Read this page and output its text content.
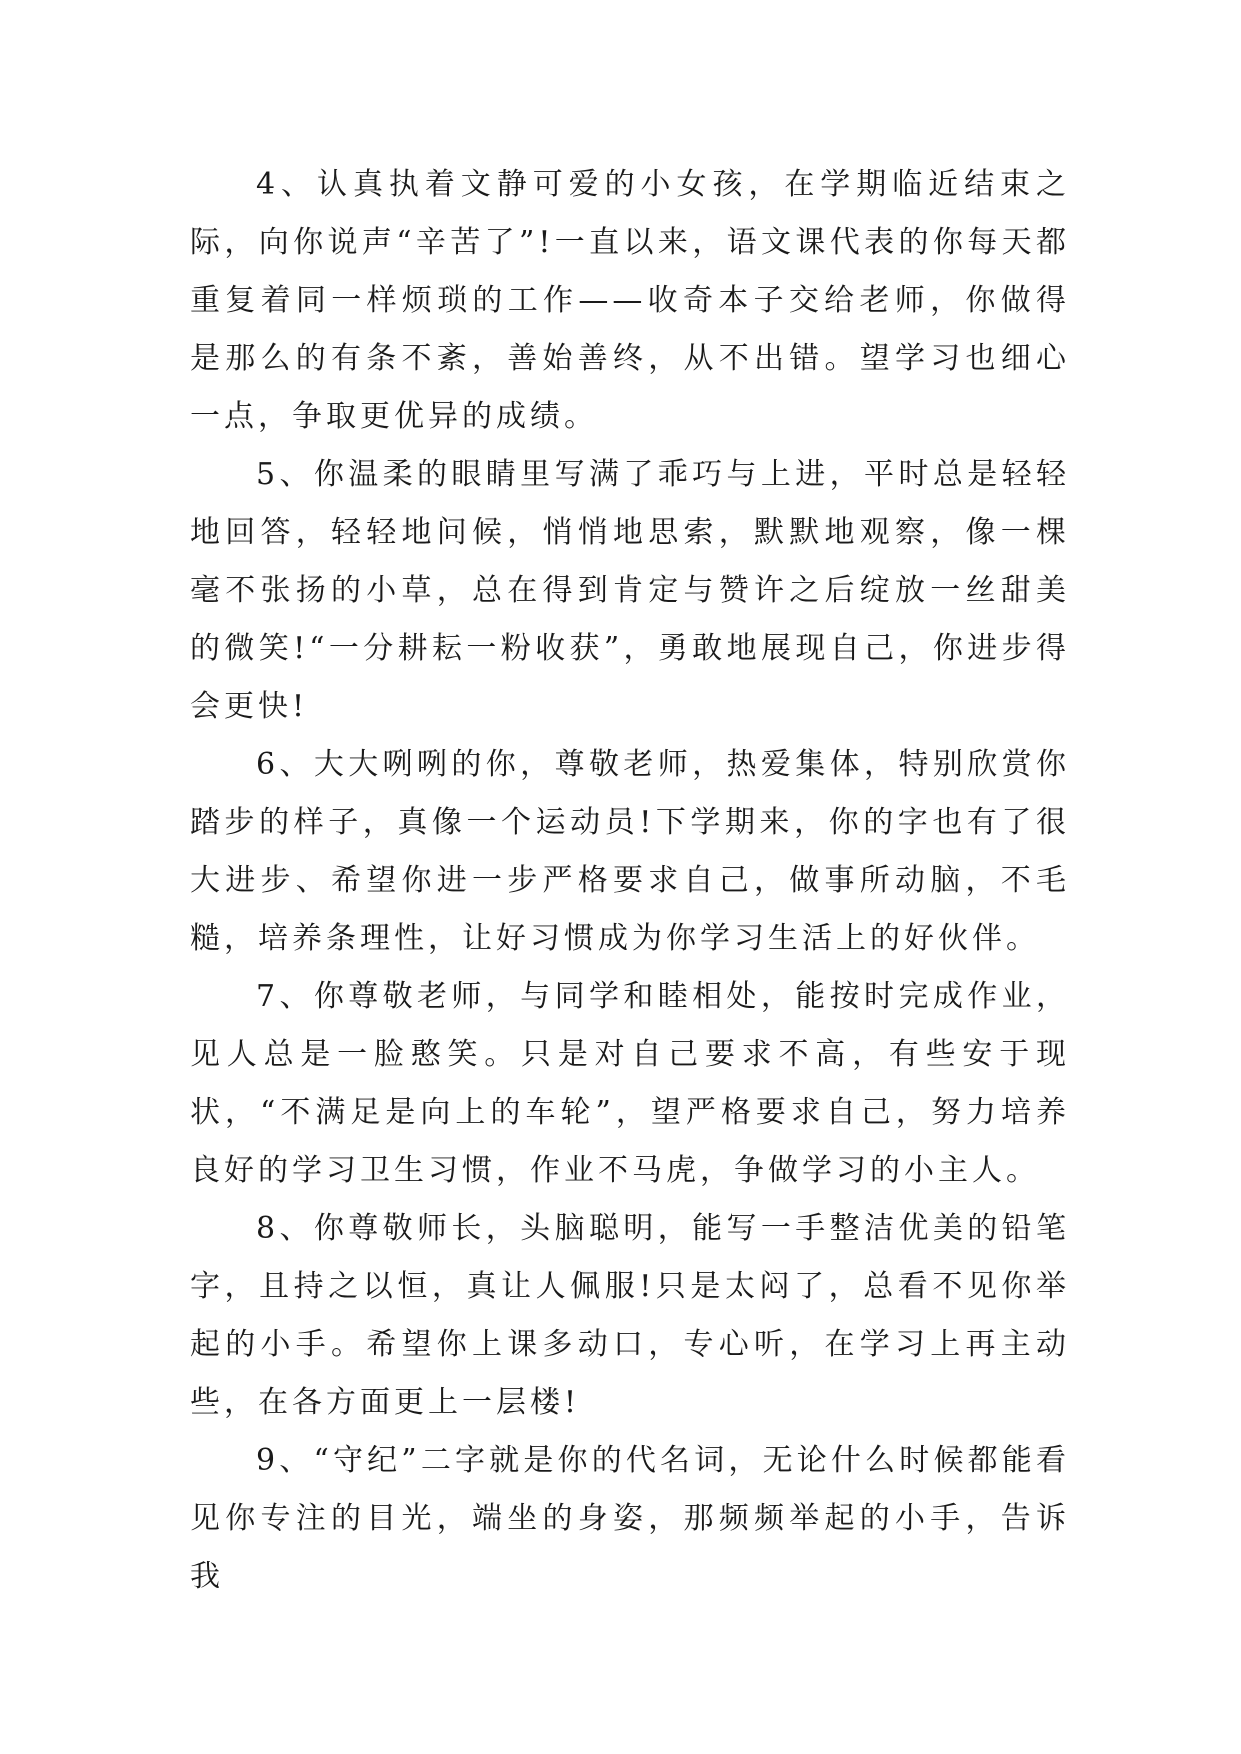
4、认真执着文静可爱的小女孩，在学期临近结束之际，向你说声“辛苦了”!一直以来，语文课代表的你每天都重复着同一样烦琐的工作——收奇本子交给老师，你做得是那么的有条不紊，善始善终，从不出错。望学习也细心一点，争取更优异的成绩。

5、你温柔的眼睛里写满了乖巧与上进，平时总是轻轻地回答，轻轻地问候，悄悄地思索，默默地观察，像一棵毫不张扬的小草，总在得到肯定与赞许之后绽放一丝甜美的微笑!“一分耕耘一粉收获”，勇敢地展现自己，你进步得会更快!

6、大大咧咧的你，尊敬老师，热爱集体，特别欣赏你踏步的样子，真像一个运动员!下学期来，你的字也有了很大进步、希望你进一步严格要求自己，做事所动脑，不毛糙，培养条理性，让好习惯成为你学习生活上的好伙伴。

7、你尊敬老师，与同学和睦相处，能按时完成作业，见人总是一脸憨笑。只是对自己要求不高，有些安于现状，“不满足是向上的车轮”，望严格要求自己，努力培养良好的学习卫生习惯，作业不马虎，争做学习的小主人。

8、你尊敬师长，头脑聪明，能写一手整洁优美的铅笔字，且持之以恒，真让人佩服!只是太闷了，总看不见你举起的小手。希望你上课多动口，专心听，在学习上再主动些，在各方面更上一层楼!

9、“守纪”二字就是你的代名词，无论什么时候都能看见你专注的目光，端坐的身姿，那频频举起的小手，告诉我
